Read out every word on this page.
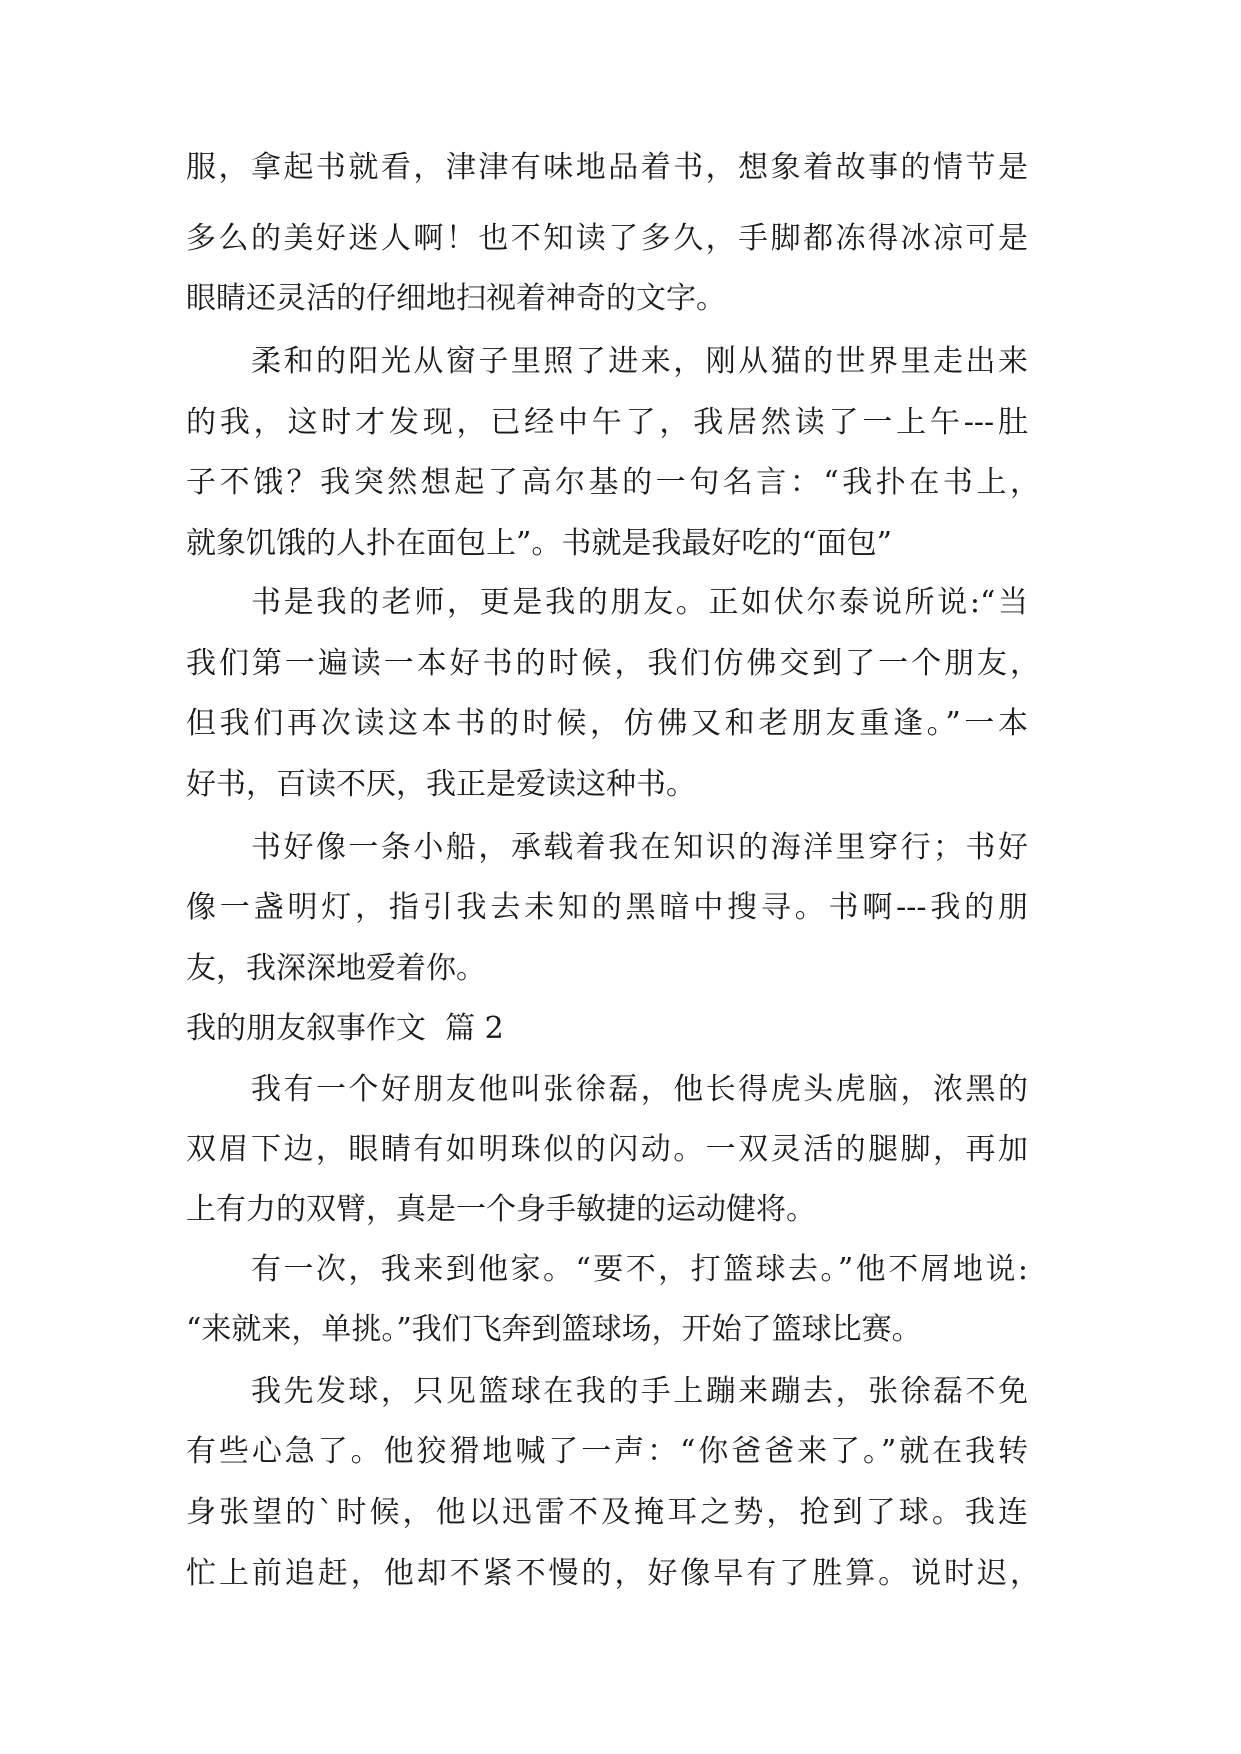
服，拿起书就看，津津有味地品着书，想象着故事的情节是
多么的美好迷人啊！也不知读了多久，手脚都冻得冰凉可是
眼睛还灵活的仔细地扫视着神奇的文字。
柔和的阳光从窗子里照了进来，刚从猫的世界里走出来
的我，这时才发现，已经中午了，我居然读了一上午---肚
子不饿？我突然想起了高尔基的一句名言：“我扑在书上，
就象饥饿的人扑在面包上”。书就是我最好吃的“面包”
书是我的老师，更是我的朋友。正如伏尔泰说所说:“当
我们第一遍读一本好书的时候，我们仿佛交到了一个朋友，
但我们再次读这本书的时候，仿佛又和老朋友重逢。”一本
好书，百读不厌，我正是爱读这种书。
书好像一条小船，承载着我在知识的海洋里穿行；书好
像一盏明灯，指引我去未知的黑暗中搜寻。书啊---我的朋
友，我深深地爱着你。
我的朋友叙事作文  篇 2
我有一个好朋友他叫张徐磊，他长得虎头虎脑，浓黑的
双眉下边，眼睛有如明珠似的闪动。一双灵活的腿脚，再加
上有力的双臂，真是一个身手敏捷的运动健将。
有一次，我来到他家。“要不，打篮球去。”他不屑地说:
“来就来，单挑。”我们飞奔到篮球场，开始了篮球比赛。
我先发球，只见篮球在我的手上蹦来蹦去，张徐磊不免
有些心急了。他狡猾地喊了一声：“你爸爸来了。”就在我转
身张望的`时候，他以迅雷不及掩耳之势，抢到了球。我连
忙上前追赶，他却不紧不慢的，好像早有了胜算。说时迟，
